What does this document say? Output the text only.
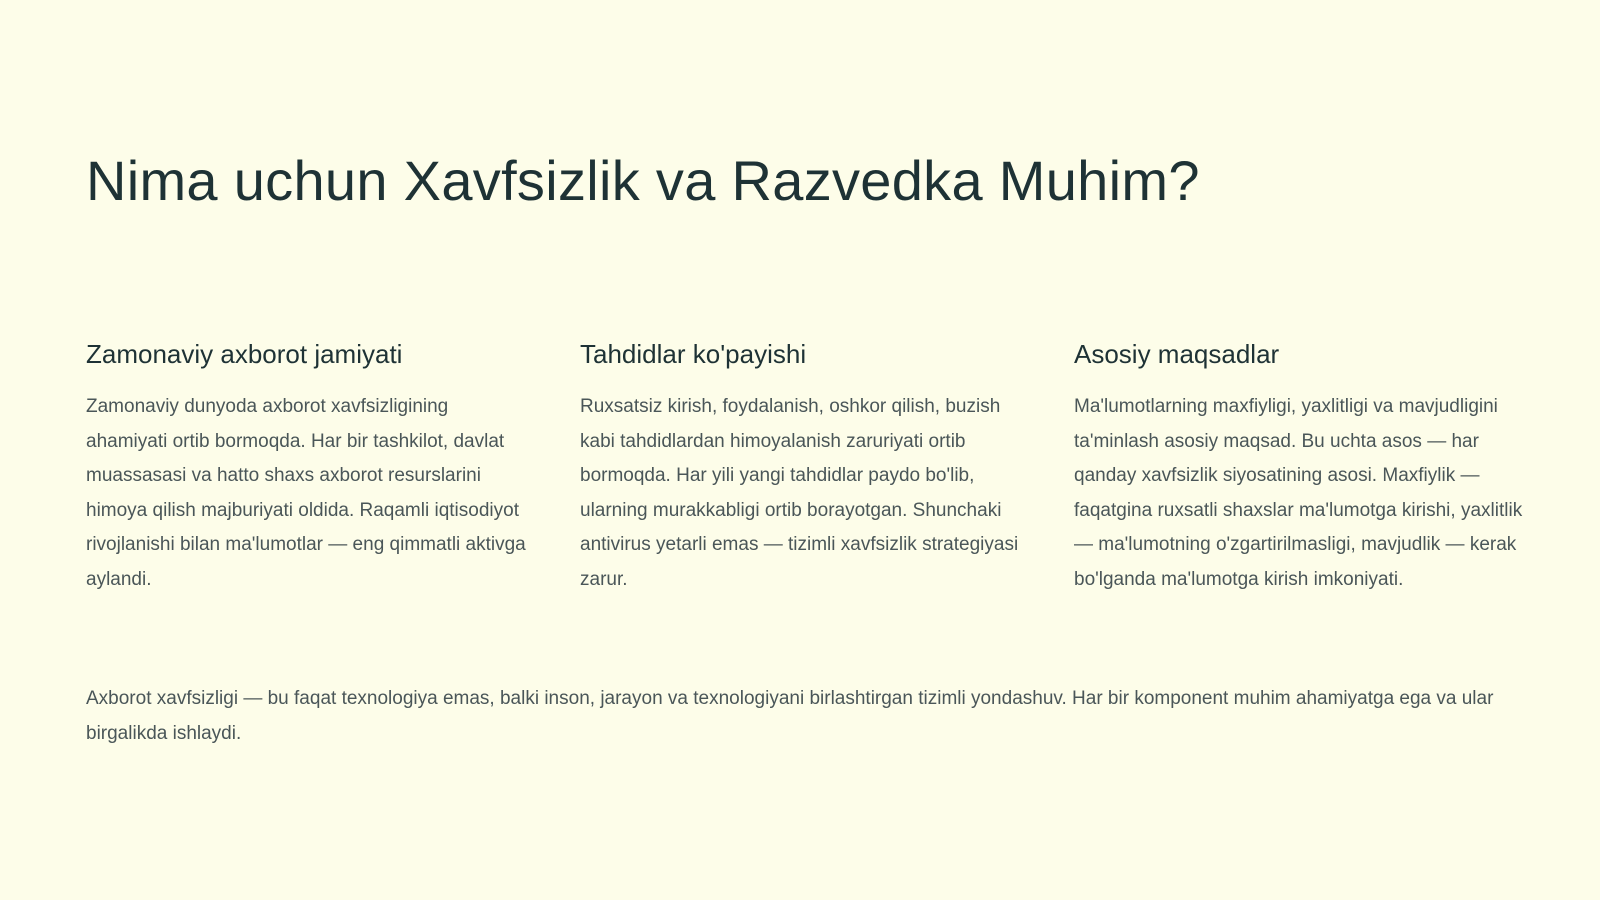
Nima uchun Xavfsizlik va Razvedka Muhim?
Zamonaviy axborot jamiyati

Zamonaviy dunyoda axborot xavfsizligining ahamiyati ortib bormoqda. Har bir tashkilot, davlat muassasasi va hatto shaxs axborot resurslarini himoya qilish majburiyati oldida. Raqamli iqtisodiyot rivojlanishi bilan ma'lumotlar — eng qimmatli aktivga aylandi.

Tahdidlar ko'payishi

Ruxsatsiz kirish, foydalanish, oshkor qilish, buzish kabi tahdidlardan himoyalanish zaruriyati ortib bormoqda. Har yili yangi tahdidlar paydo bo'lib, ularning murakkabligi ortib borayotgan. Shunchaki antivirus yetarli emas — tizimli xavfsizlik strategiyasi zarur.

Asosiy maqsadlar

Ma'lumotlarning maxfiyligi, yaxlitligi va mavjudligini ta'minlash asosiy maqsad. Bu uchta asos — har qanday xavfsizlik siyosatining asosi. Maxfiylik — faqatgina ruxsatli shaxslar ma'lumotga kirishi, yaxlitlik — ma'lumotning o'zgartirilmasligi, mavjudlik — kerak bo'lganda ma'lumotga kirish imkoniyati.

Axborot xavfsizligi — bu faqat texnologiya emas, balki inson, jarayon va texnologiyani birlashtirgan tizimli yondashuv. Har bir komponent muhim ahamiyatga ega va ular birgalikda ishlaydi.
